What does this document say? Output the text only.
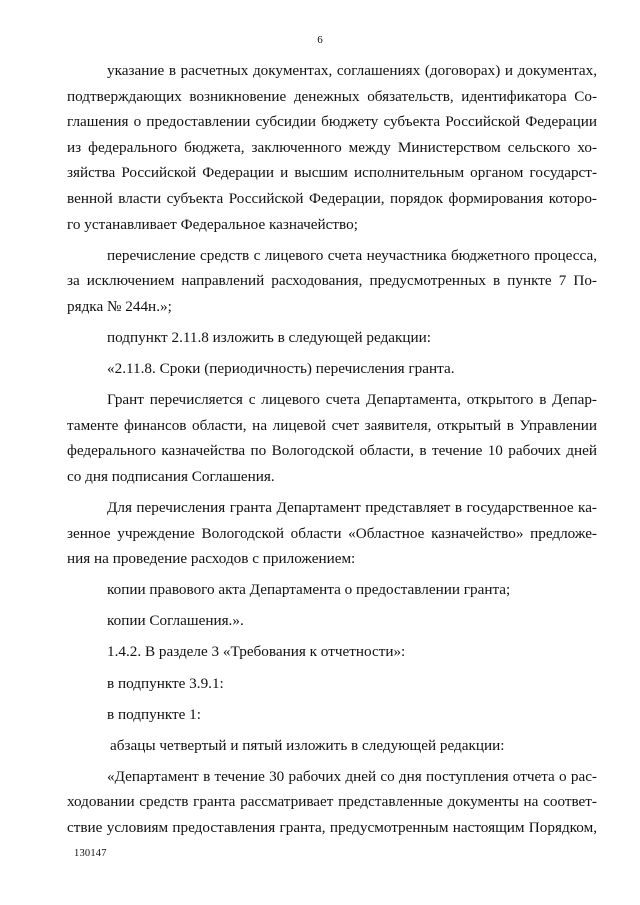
6
указание в расчетных документах, соглашениях (договорах) и документах,
подтверждающих возникновение денежных обязательств, идентификатора Со-
глашения о предоставлении субсидии бюджету субъекта Российской Федерации
из федерального бюджета, заключенного между Министерством сельского хо-
зяйства Российской Федерации и высшим исполнительным органом государст-
венной власти субъекта Российской Федерации, порядок формирования которо-
го устанавливает Федеральное казначейство;
перечисление средств с лицевого счета неучастника бюджетного процесса,
за исключением направлений расходования, предусмотренных в пункте 7 По-
рядка № 244н.»;
подпункт 2.11.8 изложить в следующей редакции:
«2.11.8. Сроки (периодичность) перечисления гранта.
Грант перечисляется с лицевого счета Департамента, открытого в Депар-
таменте финансов области, на лицевой счет заявителя, открытый в Управлении
федерального казначейства по Вологодской области, в течение 10 рабочих дней
со дня подписания Соглашения.
Для перечисления гранта Департамент представляет в государственное ка-
зенное учреждение Вологодской области «Областное казначейство» предложе-
ния на проведение расходов с приложением:
копии правового акта Департамента о предоставлении гранта;
копии Соглашения.».
1.4.2. В разделе 3 «Требования к отчетности»:
в подпункте 3.9.1:
в подпункте 1:
абзацы четвертый и пятый изложить в следующей редакции:
«Департамент в течение 30 рабочих дней со дня поступления отчета о рас-
ходовании средств гранта рассматривает представленные документы на соответ-
ствие условиям предоставления гранта, предусмотренным настоящим Порядком,
130147
